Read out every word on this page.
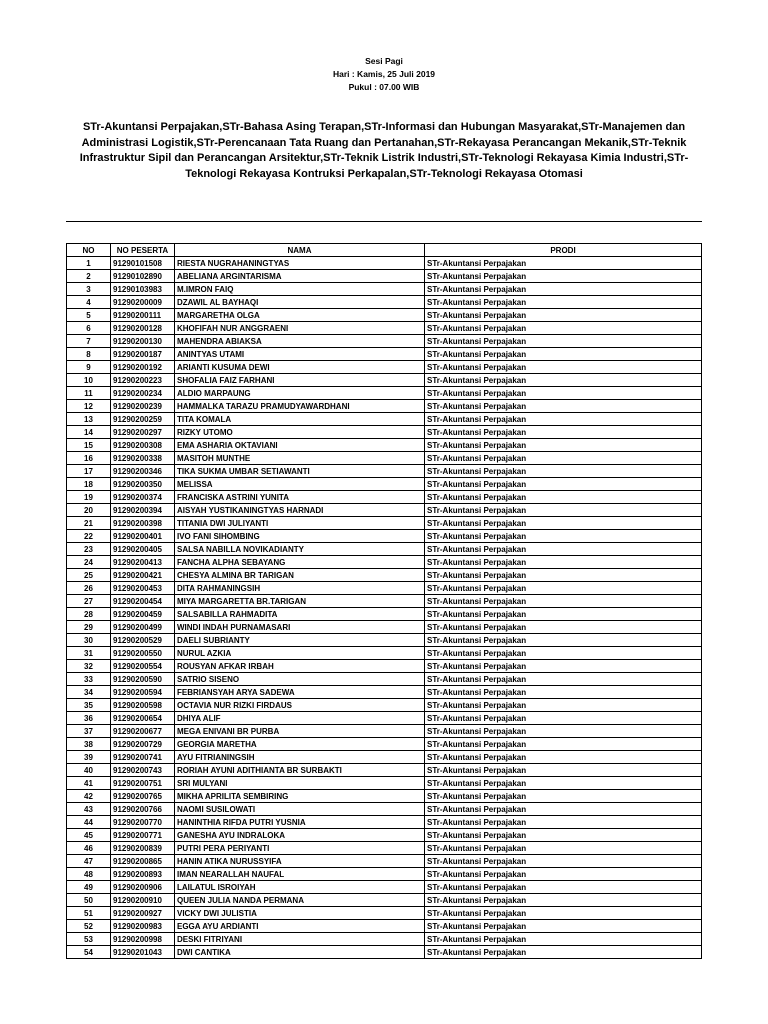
Sesi Pagi
Hari : Kamis, 25 Juli 2019
Pukul : 07.00 WIB
STr-Akuntansi Perpajakan,STr-Bahasa Asing Terapan,STr-Informasi dan Hubungan Masyarakat,STr-Manajemen dan Administrasi Logistik,STr-Perencanaan Tata Ruang dan Pertanahan,STr-Rekayasa Perancangan Mekanik,STr-Teknik Infrastruktur Sipil dan Perancangan Arsitektur,STr-Teknik Listrik Industri,STr-Teknologi Rekayasa Kimia Industri,STr-Teknologi Rekayasa Kontruksi Perkapalan,STr-Teknologi Rekayasa Otomasi
NO	NO PESERTA	NAMA	PRODI
1	91290101508	RIESTA NUGRAHANINGTYAS	STr-Akuntansi Perpajakan
2	91290102890	ABELIANA ARGINTARISMA	STr-Akuntansi Perpajakan
3	91290103983	M.IMRON FAIQ	STr-Akuntansi Perpajakan
4	91290200009	DZAWIL AL BAYHAQI	STr-Akuntansi Perpajakan
5	91290200111	MARGARETHA OLGA	STr-Akuntansi Perpajakan
6	91290200128	KHOFIFAH NUR ANGGRAENI	STr-Akuntansi Perpajakan
7	91290200130	MAHENDRA ABIAKSA	STr-Akuntansi Perpajakan
8	91290200187	ANINTYAS UTAMI	STr-Akuntansi Perpajakan
9	91290200192	ARIANTI KUSUMA DEWI	STr-Akuntansi Perpajakan
10	91290200223	SHOFALIA FAIZ FARHANI	STr-Akuntansi Perpajakan
11	91290200234	ALDIO MARPAUNG	STr-Akuntansi Perpajakan
12	91290200239	HAMMALKA TARAZU PRAMUDYAWARDHANI	STr-Akuntansi Perpajakan
13	91290200259	TITA KOMALA	STr-Akuntansi Perpajakan
14	91290200297	RIZKY UTOMO	STr-Akuntansi Perpajakan
15	91290200308	EMA ASHARIA OKTAVIANI	STr-Akuntansi Perpajakan
16	91290200338	MASITOH MUNTHE	STr-Akuntansi Perpajakan
17	91290200346	TIKA SUKMA UMBAR SETIAWANTI	STr-Akuntansi Perpajakan
18	91290200350	MELISSA	STr-Akuntansi Perpajakan
19	91290200374	FRANCISKA ASTRINI YUNITA	STr-Akuntansi Perpajakan
20	91290200394	AISYAH YUSTIKANINGTYAS HARNADI	STr-Akuntansi Perpajakan
21	91290200398	TITANIA DWI JULIYANTI	STr-Akuntansi Perpajakan
22	91290200401	IVO FANI SIHOMBING	STr-Akuntansi Perpajakan
23	91290200405	SALSA NABILLA NOVIKADIANTY	STr-Akuntansi Perpajakan
24	91290200413	FANCHA ALPHA SEBAYANG	STr-Akuntansi Perpajakan
25	91290200421	CHESYA ALMINA BR TARIGAN	STr-Akuntansi Perpajakan
26	91290200453	DITA RAHMANINGSIH	STr-Akuntansi Perpajakan
27	91290200454	MIYA MARGARETTA BR.TARIGAN	STr-Akuntansi Perpajakan
28	91290200459	SALSABILLA RAHMADITA	STr-Akuntansi Perpajakan
29	91290200499	WINDI INDAH PURNAMASARI	STr-Akuntansi Perpajakan
30	91290200529	DAELI SUBRIANTY	STr-Akuntansi Perpajakan
31	91290200550	NURUL AZKIA	STr-Akuntansi Perpajakan
32	91290200554	ROUSYAN AFKAR IRBAH	STr-Akuntansi Perpajakan
33	91290200590	SATRIO SISENO	STr-Akuntansi Perpajakan
34	91290200594	FEBRIANSYAH ARYA SADEWA	STr-Akuntansi Perpajakan
35	91290200598	OCTAVIA NUR RIZKI FIRDAUS	STr-Akuntansi Perpajakan
36	91290200654	DHIYA ALIF	STr-Akuntansi Perpajakan
37	91290200677	MEGA ENIVANI BR PURBA	STr-Akuntansi Perpajakan
38	91290200729	GEORGIA MARETHA	STr-Akuntansi Perpajakan
39	91290200741	AYU FITRIANINGSIH	STr-Akuntansi Perpajakan
40	91290200743	RORIAH AYUNI ADITHIANTA BR SURBAKTI	STr-Akuntansi Perpajakan
41	91290200751	SRI MULYANI	STr-Akuntansi Perpajakan
42	91290200765	MIKHA APRILITA SEMBIRING	STr-Akuntansi Perpajakan
43	91290200766	NAOMI SUSILOWATI	STr-Akuntansi Perpajakan
44	91290200770	HANINTHIA RIFDA PUTRI YUSNIA	STr-Akuntansi Perpajakan
45	91290200771	GANESHA AYU INDRALOKA	STr-Akuntansi Perpajakan
46	91290200839	PUTRI PERA PERIYANTI	STr-Akuntansi Perpajakan
47	91290200865	HANIN ATIKA NURUSSYIFA	STr-Akuntansi Perpajakan
48	91290200893	IMAN NEARALLAH NAUFAL	STr-Akuntansi Perpajakan
49	91290200906	LAILATUL ISROIYAH	STr-Akuntansi Perpajakan
50	91290200910	QUEEN JULIA NANDA PERMANA	STr-Akuntansi Perpajakan
51	91290200927	VICKY DWI JULISTIA	STr-Akuntansi Perpajakan
52	91290200983	EGGA AYU ARDIANTI	STr-Akuntansi Perpajakan
53	91290200998	DESKI FITRIYANI	STr-Akuntansi Perpajakan
54	91290201043	DWI CANTIKA	STr-Akuntansi Perpajakan
